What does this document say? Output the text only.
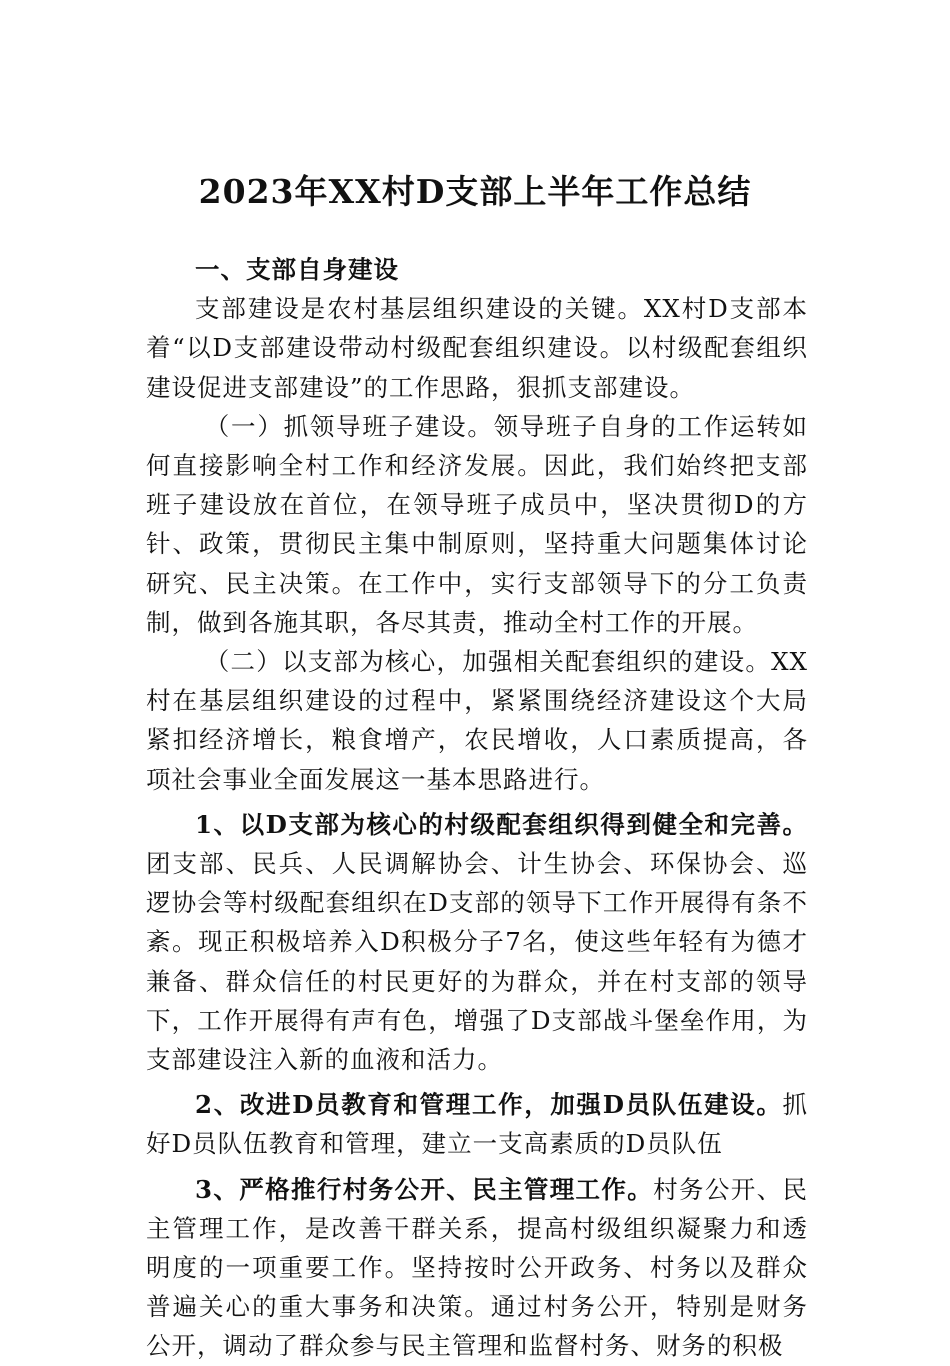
2023年XX村D支部上半年工作总结

一、支部自身建设

支部建设是农村基层组织建设的关键。XX村D支部本着“以D支部建设带动村级配套组织建设。以村级配套组织建设促进支部建设”的工作思路，狠抓支部建设。

（一）抓领导班子建设。领导班子自身的工作运转如何直接影响全村工作和经济发展。因此，我们始终把支部班子建设放在首位，在领导班子成员中，坚决贯彻D的方针、政策，贯彻民主集中制原则，坚持重大问题集体讨论研究、民主决策。在工作中，实行支部领导下的分工负责制，做到各施其职，各尽其责，推动全村工作的开展。

（二）以支部为核心，加强相关配套组织的建设。XX村在基层组织建设的过程中，紧紧围绕经济建设这个大局紧扣经济增长，粮食增产，农民增收，人口素质提高，各项社会事业全面发展这一基本思路进行。

1、以D支部为核心的村级配套组织得到健全和完善。团支部、民兵、人民调解协会、计生协会、环保协会、巡逻协会等村级配套组织在D支部的领导下工作开展得有条不紊。现正积极培养入D积极分子7名，使这些年轻有为德才兼备、群众信任的村民更好的为群众，并在村支部的领导下，工作开展得有声有色，增强了D支部战斗堡垒作用，为支部建设注入新的血液和活力。

2、改进D员教育和管理工作，加强D员队伍建设。抓好D员队伍教育和管理，建立一支高素质的D员队伍

3、严格推行村务公开、民主管理工作。村务公开、民主管理工作，是改善干群关系，提高村级组织凝聚力和透明度的一项重要工作。坚持按时公开政务、村务以及群众普遍关心的重大事务和决策。通过村务公开，特别是财务公开，调动了群众参与民主管理和监督村务、财务的积极
